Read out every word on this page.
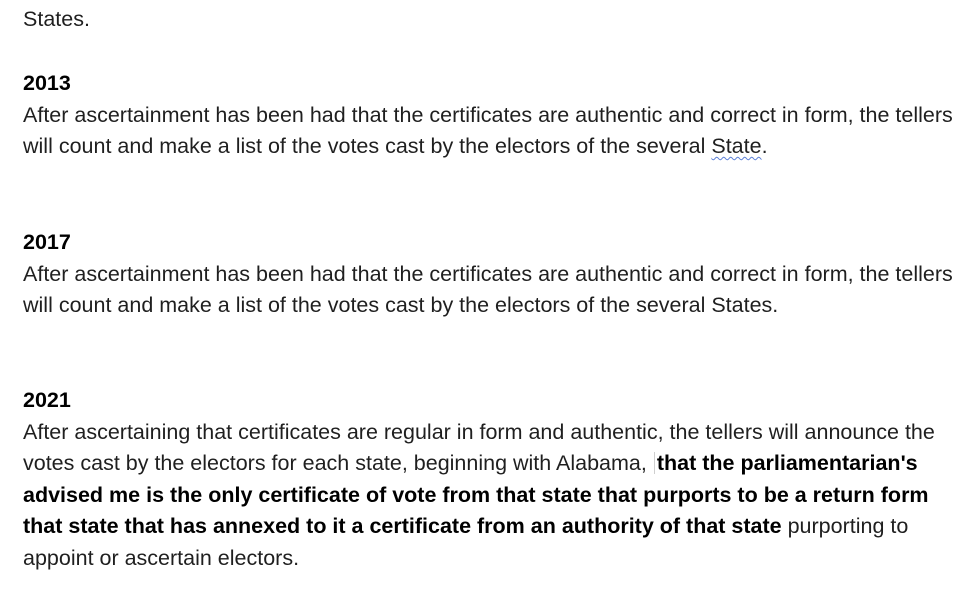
States.
2013

After ascertainment has been had that the certificates are authentic and correct in form, the tellers will count and make a list of the votes cast by the electors of the several State.

2017

After ascertainment has been had that the certificates are authentic and correct in form, the tellers will count and make a list of the votes cast by the electors of the several States.

2021

After ascertaining that certificates are regular in form and authentic, the tellers will announce the votes cast by the electors for each state, beginning with Alabama, that the parliamentarian's advised me is the only certificate of vote from that state that purports to be a return form that state that has annexed to it a certificate from an authority of that state purporting to appoint or ascertain electors.
